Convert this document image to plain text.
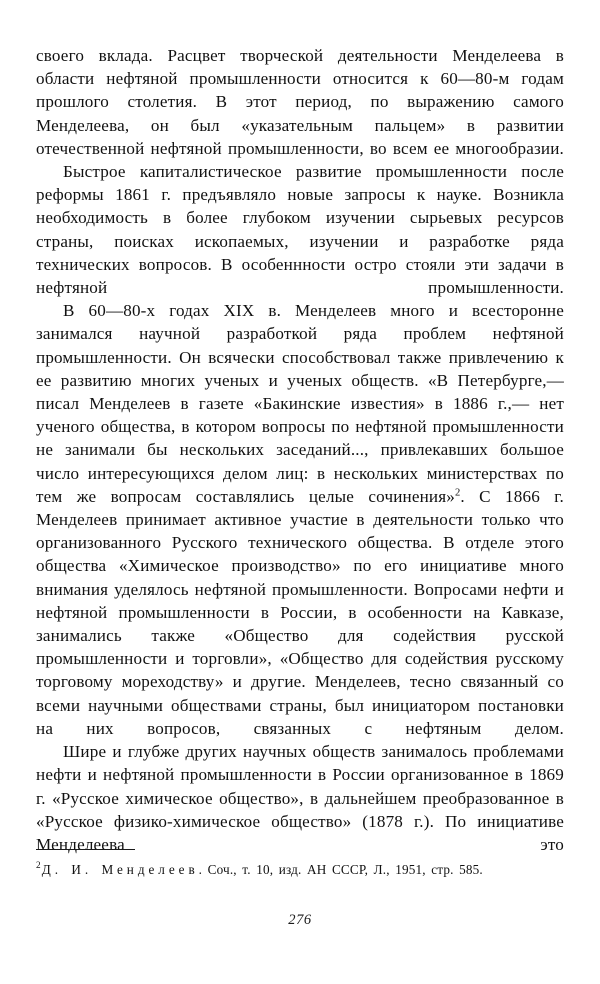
своего вклада. Расцвет творческой деятельности Менделеева в области нефтяной промышленности относится к 60—80-м годам прошлого столетия. В этот период, по выражению самого Менделеева, он был «указательным пальцем» в развитии отечественной нефтяной промышленности, во всем ее многообразии.

Быстрое капиталистическое развитие промышленности после реформы 1861 г. предъявляло новые запросы к науке. Возникла необходимость в более глубоком изучении сырьевых ресурсов страны, поисках ископаемых, изучении и разработке ряда технических вопросов. В особеннности остро стояли эти задачи в нефтяной промышленности.

В 60—80-х годах XIX в. Менделеев много и всесторонне занимался научной разработкой ряда проблем нефтяной промышленности. Он всячески способствовал также привлечению к ее развитию многих ученых и ученых обществ. «В Петербурге,— писал Менделеев в газете «Бакинские известия» в 1886 г.,— нет ученого общества, в котором вопросы по нефтяной промышленности не занимали бы нескольких заседаний..., привлекавших большое число интересующихся делом лиц: в нескольких министерствах по тем же вопросам составлялись целые сочинения»$^2$. С 1866 г. Менделеев принимает активное участие в деятельности только что организованного Русского технического общества. В отделе этого общества «Химическое производство» по его инициативе много внимания уделялось нефтяной промышленности. Вопросами нефти и нефтяной промышленности в России, в особенности на Кавказе, занимались также «Общество для содействия русской промышленности и торговли», «Общество для содействия русскому торговому мореходству» и другие. Менделеев, тесно связанный со всеми научными обществами страны, был инициатором постановки на них вопросов, связанных с нефтяным делом.

Шире и глубже других научных обществ занималось проблемами нефти и нефтяной промышленности в России организованное в 1869 г. «Русское химическое общество», в дальнейшем преобразованное в «Русское физико-химическое общество» (1878 г.). По инициативе Менделеева это

$^2$Д. И. Менделеев. Соч., т. 10, изд. АН СССР, Л., 1951, стр. 585.

276
